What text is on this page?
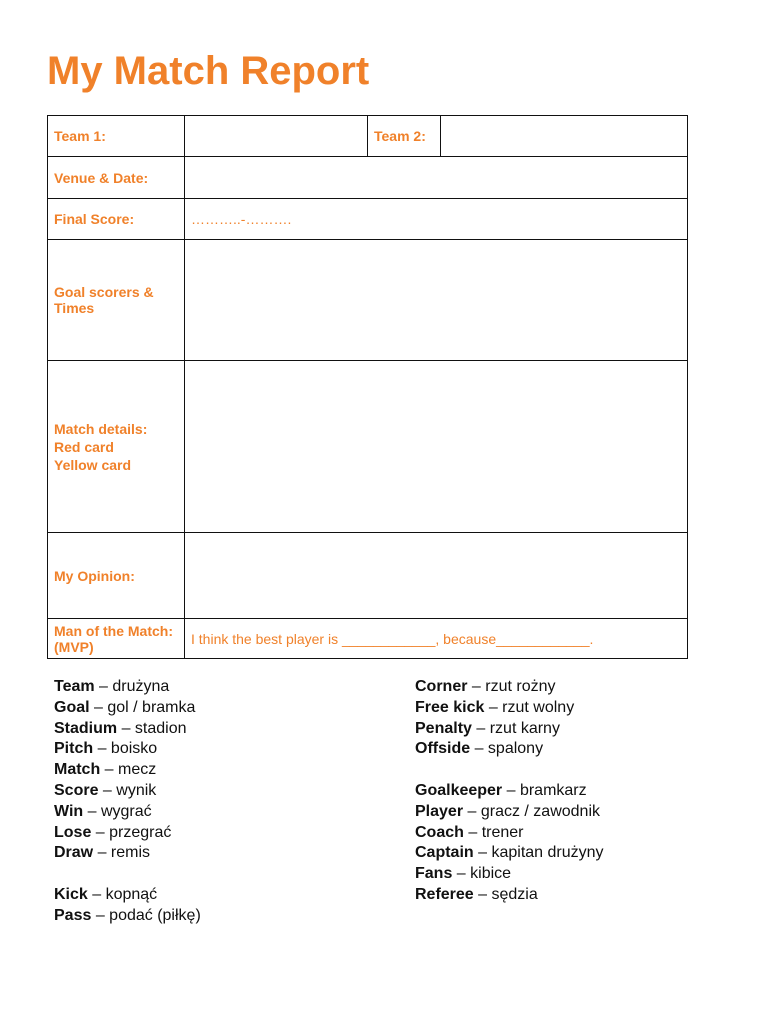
My Match Report
Team 1:		Team 2:	
Venue & Date:			
Final Score:	………..-……….		

Goal scorers &
Times			

Match details:
Red card
Yellow card			

My Opinion:			

Man of the Match:
(MVP)	I think the best player is ____________, because____________.		
Team – drużyna
Goal – gol / bramka
Stadium – stadion
Pitch – boisko
Match – mecz
Score – wynik
Win – wygrać
Lose – przegrać
Draw – remis
Kick – kopnąć
Pass – podać (piłkę)
Corner – rzut rożny
Free kick – rzut wolny
Penalty – rzut karny
Offside – spalony
Goalkeeper – bramkarz
Player – gracz / zawodnik
Coach – trener
Captain – kapitan drużyny
Fans – kibice
Referee – sędzia
